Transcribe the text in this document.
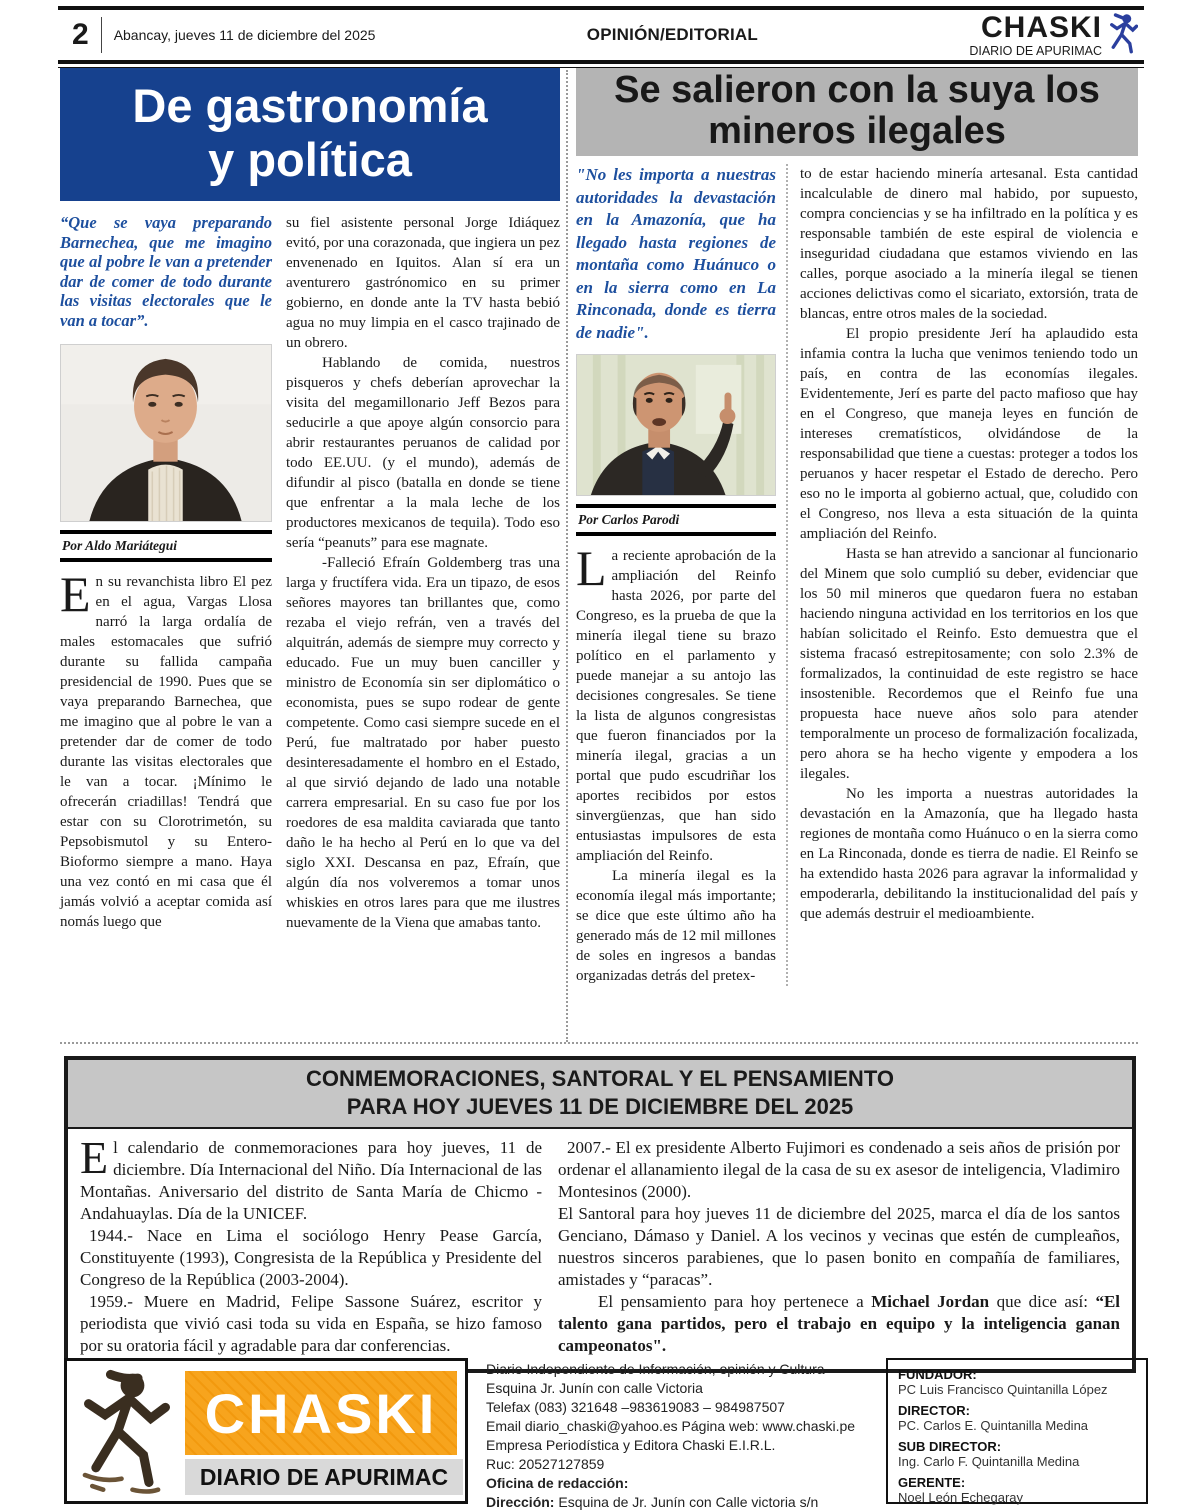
2 Abancay, jueves 11 de diciembre del 2025	OPINIÓN/EDITORIAL	CHASKI
DIARIO DE APURIMAC
De gastronomía
y política
“Que se vaya preparando Barnechea, que me imagino que al pobre le van a pretender dar de comer de todo durante las visitas electorales que le van a tocar”.
Por Aldo Mariátegui

En su revanchista libro El pez en el agua, Vargas Llosa narró la larga ordalía de males estomacales que sufrió durante su fallida campaña presidencial de 1990. Pues que se vaya preparando Barnechea, que me imagino que al pobre le van a pretender dar de comer de todo durante las visitas electorales que le van a tocar. ¡Mínimo le ofrecerán criadillas! Tendrá que estar con su Clorotrimetón, su Pepsobismutol y su Entero-Bioformo siempre a mano. Haya una vez contó en mi casa que él jamás volvió a aceptar comida así nomás luego que

su fiel asistente personal Jorge Idiáquez evitó, por una corazonada, que ingiera un pez envenenado en Iquitos. Alan sí era un aventurero gastrónomico en su primer gobierno, en donde ante la TV hasta bebió agua no muy limpia en el casco trajinado de un obrero.

Hablando de comida, nuestros pisqueros y chefs deberían aprovechar la visita del megamillonario Jeff Bezos para seducirle a que apoye algún consorcio para abrir restaurantes peruanos de calidad por todo EE.UU. (y el mundo), además de difundir al pisco (batalla en donde se tiene que enfrentar a la mala leche de los productores mexicanos de tequila). Todo eso sería “peanuts” para ese magnate.

-Falleció Efraín Goldemberg tras una larga y fructífera vida. Era un tipazo, de esos señores mayores tan brillantes que, como rezaba el viejo refrán, ven a través del alquitrán, además de siempre muy correcto y educado. Fue un muy buen canciller y ministro de Economía sin ser diplomático o economista, pues se supo rodear de gente competente. Como casi siempre sucede en el Perú, fue maltratado por haber puesto desinteresadamente el hombro en el Estado, al que sirvió dejando de lado una notable carrera empresarial. En su caso fue por los roedores de esa maldita caviarada que tanto daño le ha hecho al Perú en lo que va del siglo XXI. Descansa en paz, Efraín, que algún día nos volveremos a tomar unos whiskies en otros lares para que me ilustres nuevamente de la Viena que amabas tanto.

Se salieron con la suya los
mineros ilegales
"No les importa a nuestras autoridades la devastación en la Amazonía, que ha llegado hasta regiones de montaña como Huánuco o en la sierra como en La Rinconada, donde es tierra de nadie".
Por Carlos Parodi

La reciente aprobación de la ampliación del Reinfo hasta 2026, por parte del Congreso, es la prueba de que la minería ilegal tiene su brazo político en el parlamento y puede manejar a su antojo las decisiones congresales. Se tiene la lista de algunos congresistas que fueron financiados por la minería ilegal, gracias a un portal que pudo escudriñar los aportes recibidos por estos sinvergüenzas, que han sido entusiastas impulsores de esta ampliación del Reinfo.

La minería ilegal es la economía ilegal más importante; se dice que este último año ha generado más de 12 mil millones de soles en ingresos a bandas organizadas detrás del pretex-

to de estar haciendo minería artesanal. Esta cantidad incalculable de dinero mal habido, por supuesto, compra conciencias y se ha infiltrado en la política y es responsable también de este espiral de violencia e inseguridad ciudadana que estamos viviendo en las calles, porque asociado a la minería ilegal se tienen acciones delictivas como el sicariato, extorsión, trata de blancas, entre otros males de la sociedad.

El propio presidente Jerí ha aplaudido esta infamia contra la lucha que venimos teniendo todo un país, en contra de las economías ilegales. Evidentemente, Jerí es parte del pacto mafioso que hay en el Congreso, que maneja leyes en función de intereses crematísticos, olvidándose de la responsabilidad que tiene a cuestas: proteger a todos los peruanos y hacer respetar el Estado de derecho. Pero eso no le importa al gobierno actual, que, coludido con el Congreso, nos lleva a esta situación de la quinta ampliación del Reinfo.

Hasta se han atrevido a sancionar al funcionario del Minem que solo cumplió su deber, evidenciar que los 50 mil mineros que quedaron fuera no estaban haciendo ninguna actividad en los territorios en los que habían solicitado el Reinfo. Esto demuestra que el sistema fracasó estrepitosamente; con solo 2.3% de formalizados, la continuidad de este registro se hace insostenible. Recordemos que el Reinfo fue una propuesta hace nueve años solo para atender temporalmente un proceso de formalización focalizada, pero ahora se ha hecho vigente y empodera a los ilegales.

No les importa a nuestras autoridades la devastación en la Amazonía, que ha llegado hasta regiones de montaña como Huánuco o en la sierra como en La Rinconada, donde es tierra de nadie. El Reinfo se ha extendido hasta 2026 para agravar la informalidad y empoderarla, debilitando la institucionalidad del país y que además destruir el medioambiente.

CONMEMORACIONES, SANTORAL Y EL PENSAMIENTO
PARA HOY JUEVES 11 DE DICIEMBRE DEL 2025

El calendario de conmemoraciones para hoy jueves, 11 de diciembre. Día Internacional del Niño. Día Internacional de las Montañas. Aniversario del distrito de Santa María de Chicmo -Andahuaylas. Día de la UNICEF.

1944.- Nace en Lima el sociólogo Henry Pease García, Constituyente (1993), Congresista de la República y Presidente del Congreso de la República (2003-2004).

1959.- Muere en Madrid, Felipe Sassone Suárez, escritor y periodista que vivió casi toda su vida en España, se hizo famoso por su oratoria fácil y agradable para dar conferencias.

2007.- El ex presidente Alberto Fujimori es condenado a seis años de prisión por ordenar el allanamiento ilegal de la casa de su ex asesor de inteligencia, Vladimiro Montesinos (2000).

El Santoral para hoy jueves 11 de diciembre del 2025, marca el día de los santos Genciano, Dámaso y Daniel. A los vecinos y vecinas que estén de cumpleaños, nuestros sinceros parabienes, que lo pasen bonito en compañía de familiares, amistades y “paracas”.

El pensamiento para hoy pertenece a Michael Jordan que dice así: “El talento gana partidos, pero el trabajo en equipo y la inteligencia ganan campeonatos".

CHASKI
DIARIO DE APURIMAC
Diario Independiente de Información, opinión y Cultura
Esquina Jr. Junín con calle Victoria
Telefax (083) 321648 –983619083 – 984987507
Email diario_chaski@yahoo.es Página web: www.chaski.pe
Empresa Periodística y Editora Chaski E.I.R.L.
Ruc: 20527127859
Oficina de redacción:
Dirección: Esquina de Jr. Junín con Calle victoria s/n
FUNDADOR:
PC Luis Francisco Quintanilla López
DIRECTOR:
PC. Carlos E. Quintanilla Medina
SUB DIRECTOR:
Ing. Carlo F. Quintanilla Medina
GERENTE:
Noel León Echegaray
